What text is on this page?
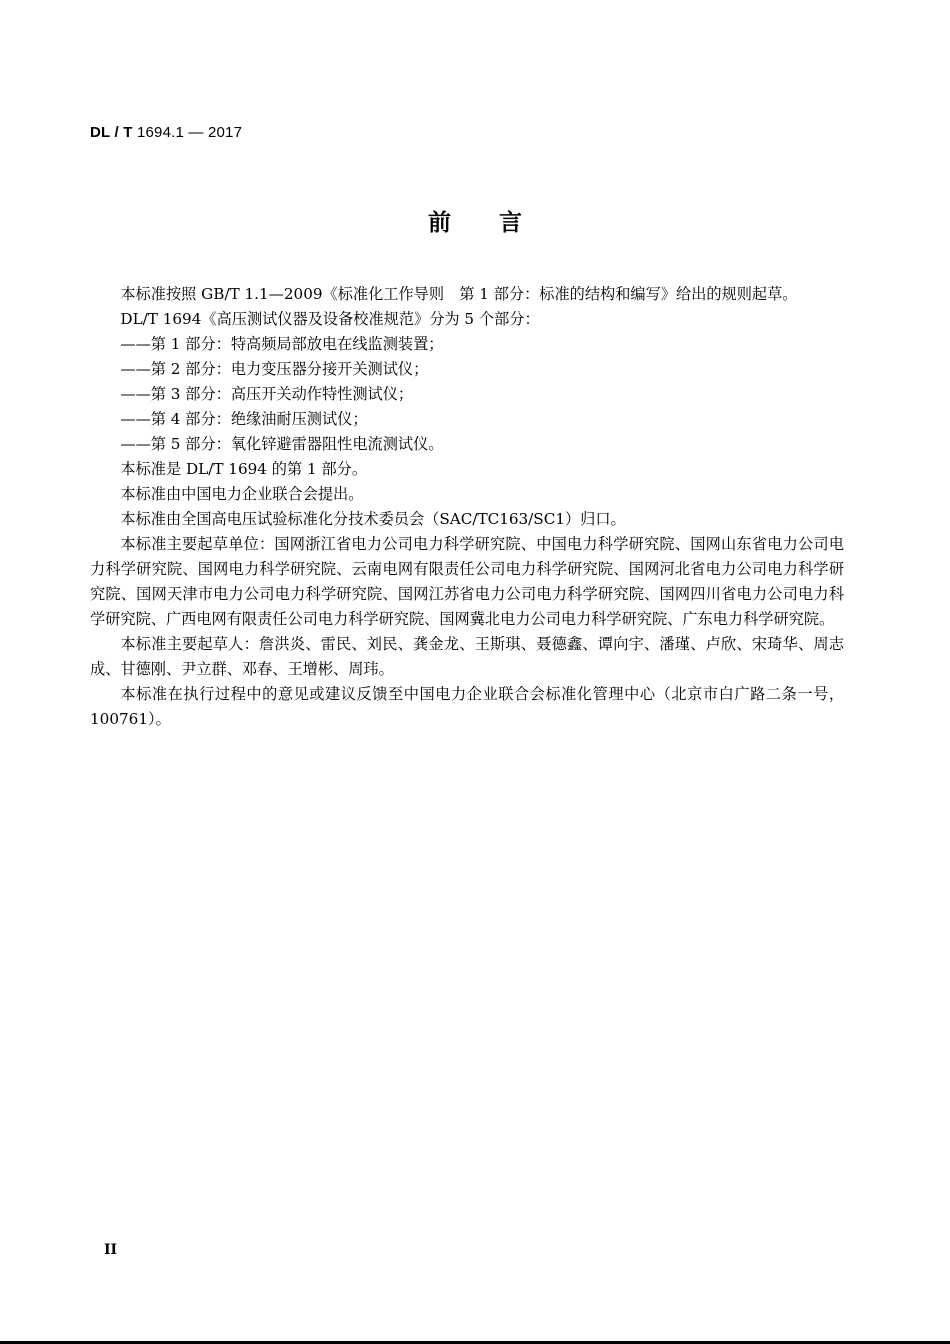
DL / T 1694.1 — 2017
前言

本标准按照 GB/T 1.1—2009《标准化工作导则　第 1 部分：标准的结构和编写》给出的规则起草。

DL/T 1694《高压测试仪器及设备校准规范》分为 5 个部分：

——第 1 部分：特高频局部放电在线监测装置；

——第 2 部分：电力变压器分接开关测试仪；

——第 3 部分：高压开关动作特性测试仪；

——第 4 部分：绝缘油耐压测试仪；

——第 5 部分：氧化锌避雷器阻性电流测试仪。

本标准是 DL/T 1694 的第 1 部分。

本标准由中国电力企业联合会提出。

本标准由全国高电压试验标准化分技术委员会（SAC/TC163/SC1）归口。

本标准主要起草单位：国网浙江省电力公司电力科学研究院、中国电力科学研究院、国网山东省电力公司电力科学研究院、国网电力科学研究院、云南电网有限责任公司电力科学研究院、国网河北省电力公司电力科学研究院、国网天津市电力公司电力科学研究院、国网江苏省电力公司电力科学研究院、国网四川省电力公司电力科学研究院、广西电网有限责任公司电力科学研究院、国网冀北电力公司电力科学研究院、广东电力科学研究院。

本标准主要起草人：詹洪炎、雷民、刘民、龚金龙、王斯琪、聂德鑫、谭向宇、潘瑾、卢欣、宋琦华、周志成、甘德刚、尹立群、邓春、王增彬、周玮。

本标准在执行过程中的意见或建议反馈至中国电力企业联合会标准化管理中心（北京市白广路二条一号，100761）。

II
